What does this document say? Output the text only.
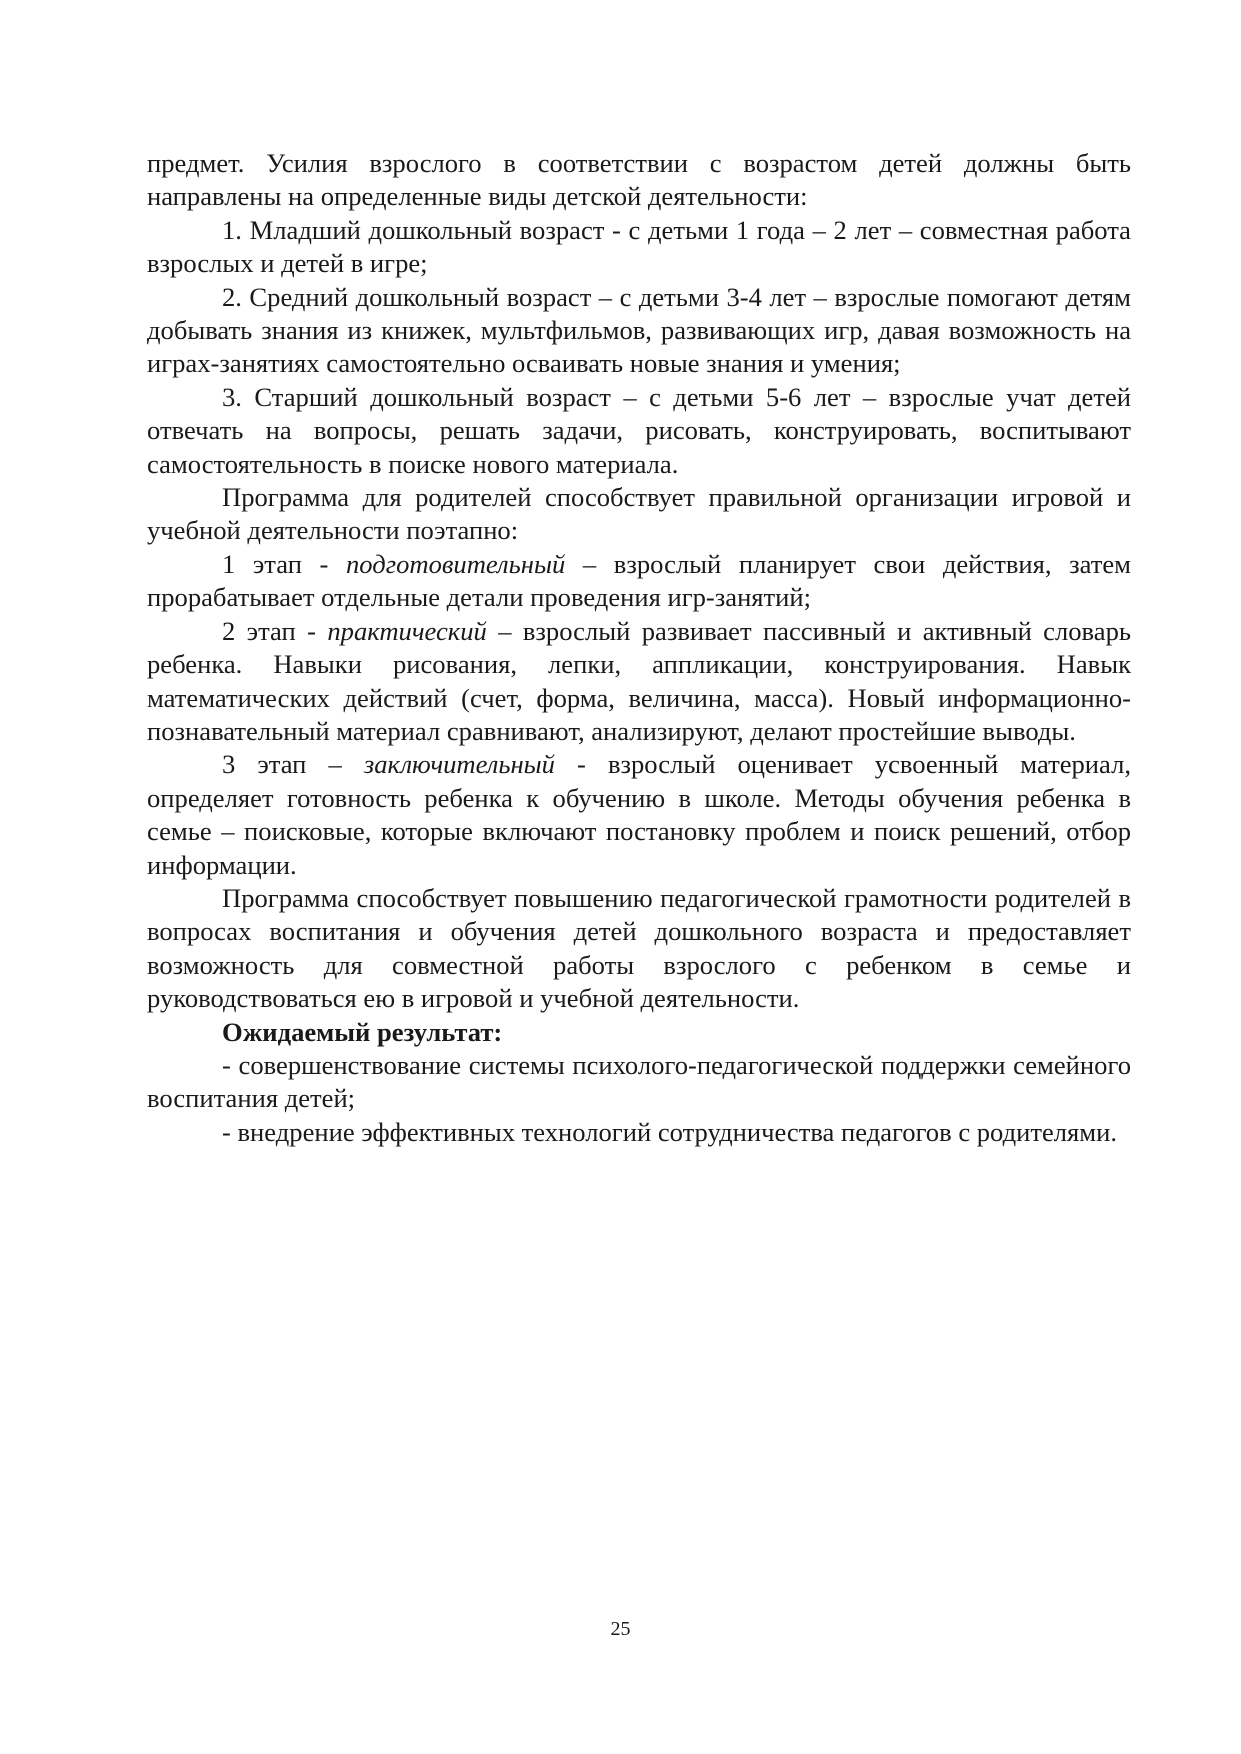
предмет. Усилия взрослого в соответствии с возрастом детей должны быть направлены на определенные виды детской деятельности:

1. Младший дошкольный возраст - с детьми 1 года – 2 лет – совместная работа взрослых и детей в игре;

2. Средний дошкольный возраст – с детьми 3-4 лет – взрослые помогают детям добывать знания из книжек, мультфильмов, развивающих игр, давая возможность на играх-занятиях самостоятельно осваивать новые знания и умения;

3. Старший дошкольный возраст – с детьми 5-6 лет – взрослые учат детей отвечать на вопросы, решать задачи, рисовать, конструировать, воспитывают самостоятельность в поиске нового материала.

Программа для родителей способствует правильной организации игровой и учебной деятельности поэтапно:

1 этап - подготовительный – взрослый планирует свои действия, затем прорабатывает отдельные детали проведения игр-занятий;

2 этап - практический – взрослый развивает пассивный и активный словарь ребенка. Навыки рисования, лепки, аппликации, конструирования. Навык математических действий (счет, форма, величина, масса). Новый информационно-познавательный материал сравнивают, анализируют, делают простейшие выводы.

3 этап – заключительный - взрослый оценивает усвоенный материал, определяет готовность ребенка к обучению в школе. Методы обучения ребенка в семье – поисковые, которые включают постановку проблем и поиск решений, отбор информации.

Программа способствует повышению педагогической грамотности родителей в вопросах воспитания и обучения детей дошкольного возраста и предоставляет возможность для совместной работы взрослого с ребенком в семье и руководствоваться ею в игровой и учебной деятельности.

Ожидаемый результат:

- совершенствование системы психолого-педагогической поддержки семейного воспитания детей;

- внедрение эффективных технологий сотрудничества педагогов с родителями.

25
